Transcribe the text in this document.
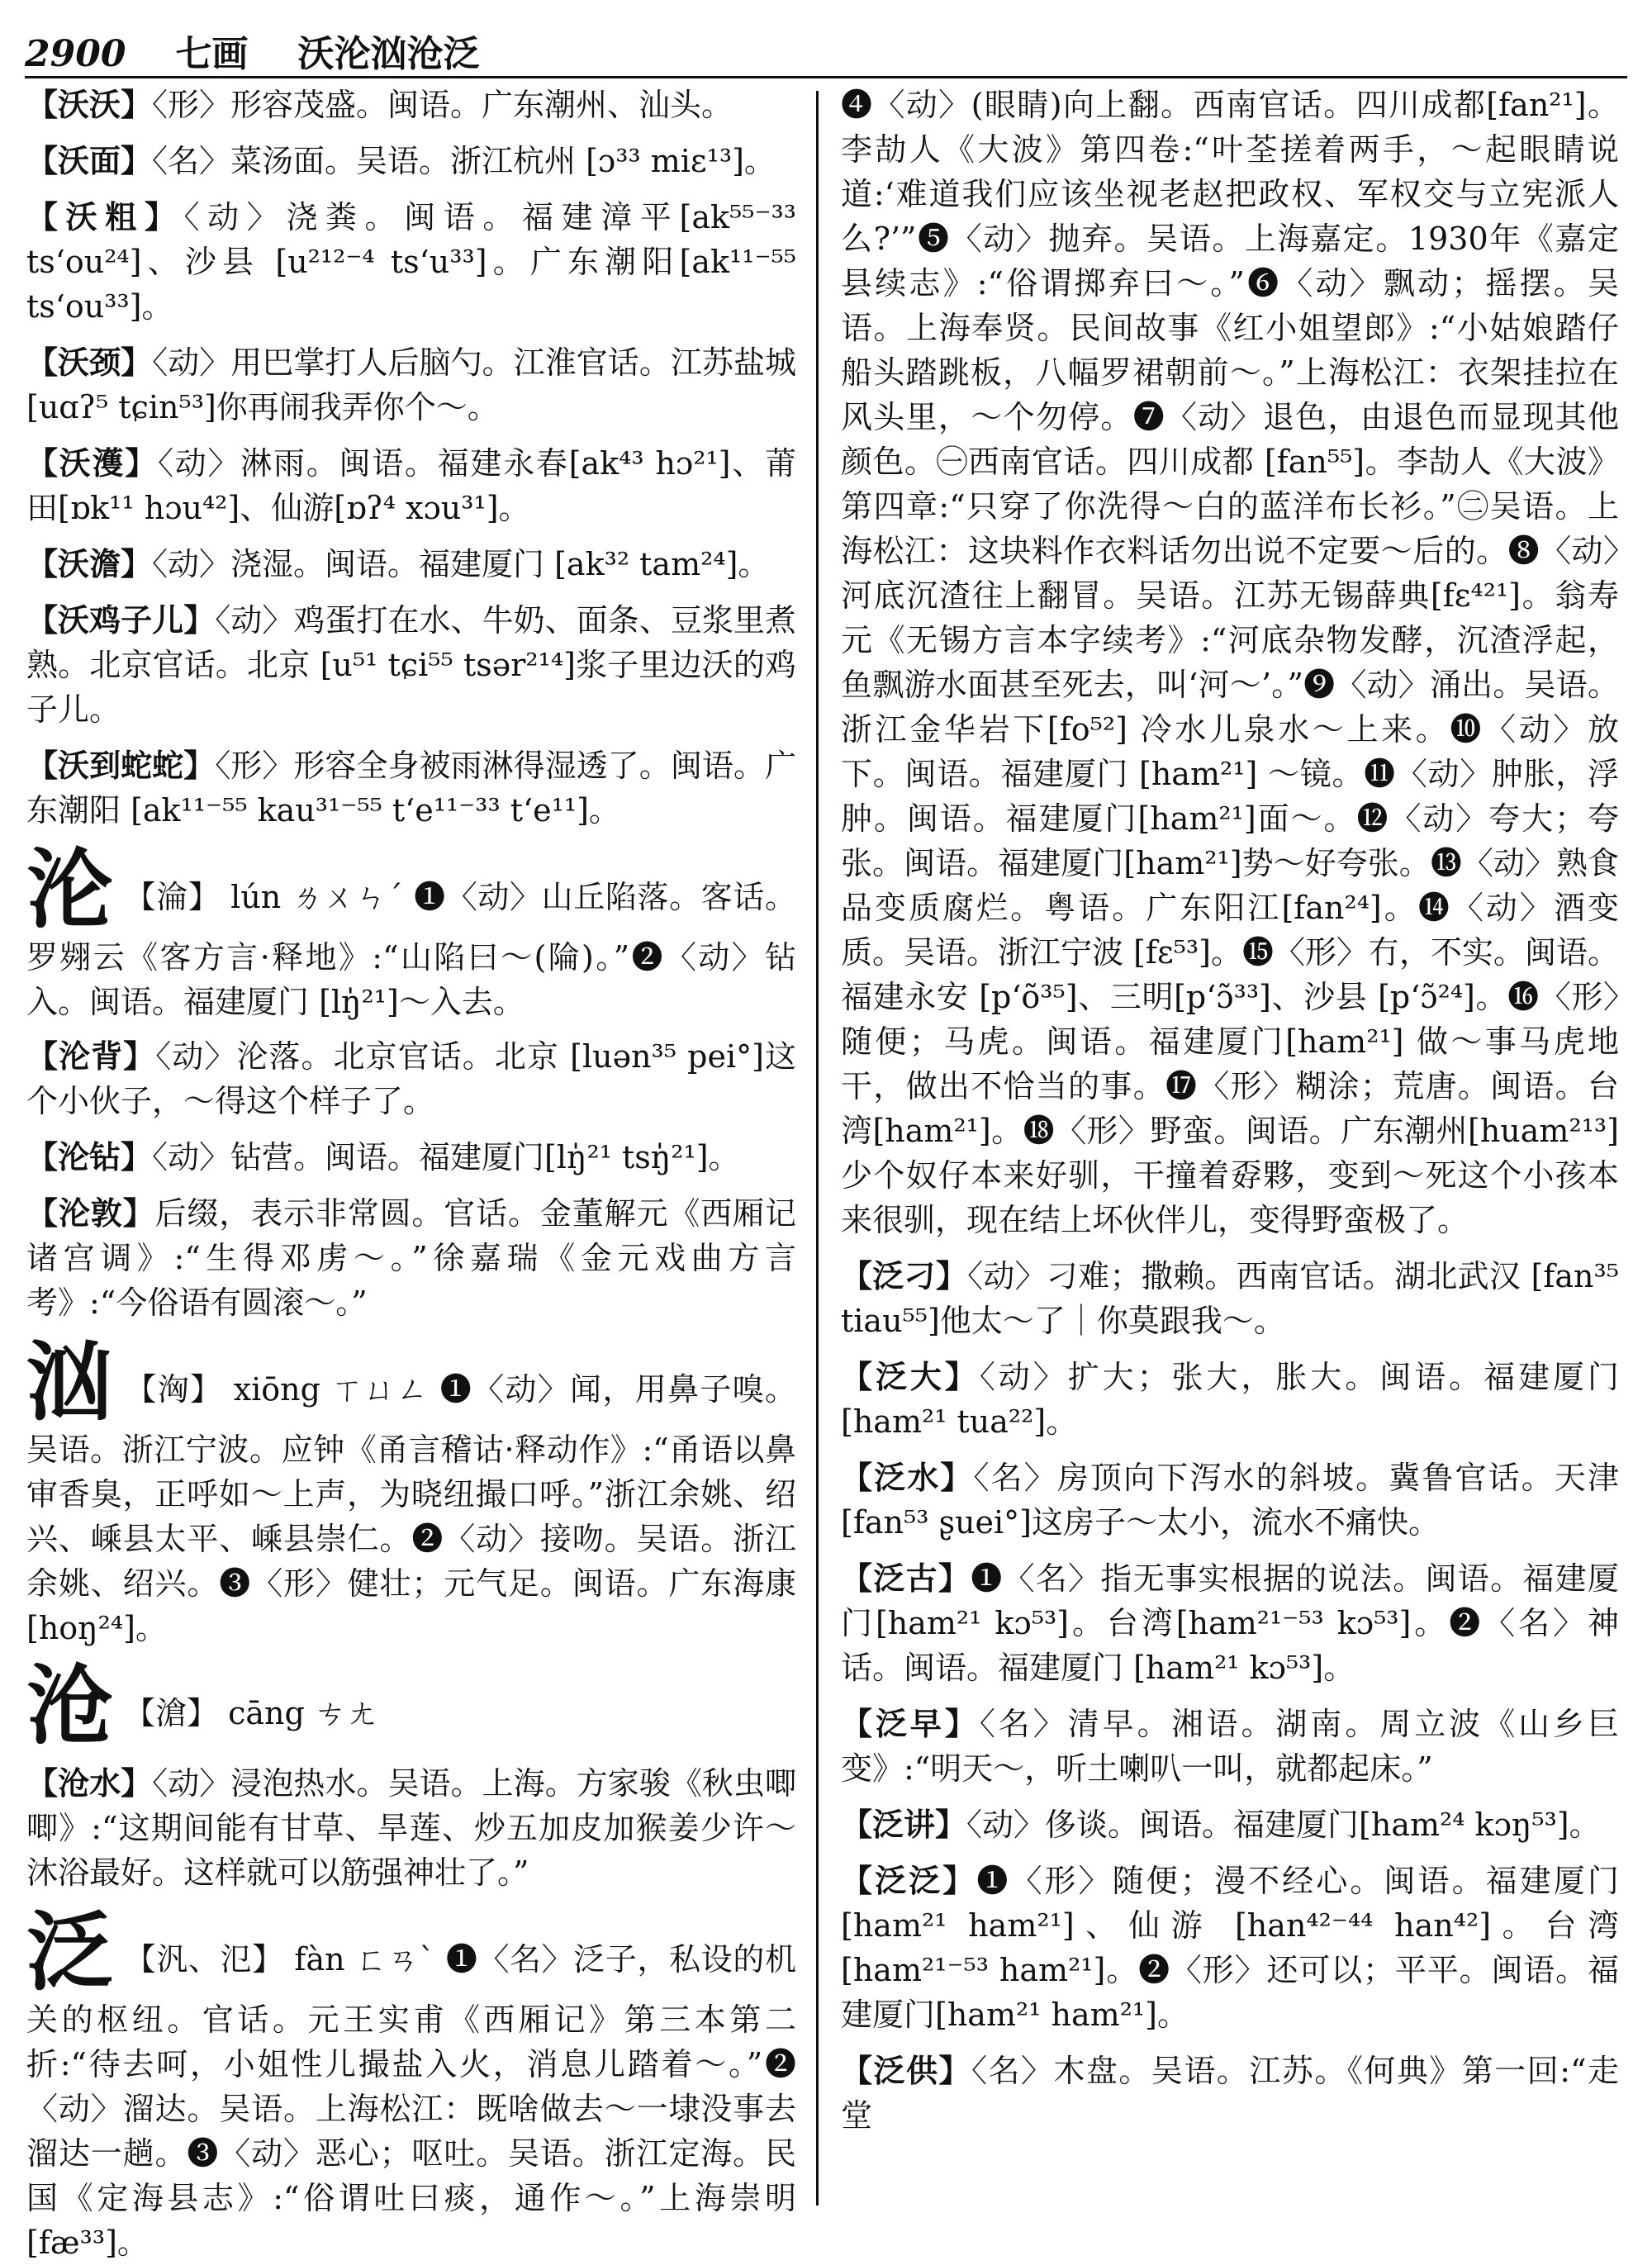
2900 七画 沃沦汹沧泛

【沃沃】〈形〉形容茂盛。闽语。广东潮州、汕头。

【沃面】〈名〉菜汤面。吴语。浙江杭州 [ɔ³³ miɛ¹³]。

【沃粗】〈动〉浇粪。闽语。福建漳平[ak⁵⁵⁻³³ tsʻou²⁴]、沙县 [u²¹²⁻⁴ tsʻu³³]。广东潮阳[ak¹¹⁻⁵⁵ tsʻou³³]。

【沃颈】〈动〉用巴掌打人后脑勺。江淮官话。江苏盐城[uɑʔ⁵ tɕin⁵³]你再闹我弄你个～。

【沃濩】〈动〉淋雨。闽语。福建永春[ak⁴³ hɔ²¹]、莆田[ɒk¹¹ hɔu⁴²]、仙游[ɒʔ⁴ xɔu³¹]。

【沃澹】〈动〉浇湿。闽语。福建厦门 [ak³² tam²⁴]。

【沃鸡子儿】〈动〉鸡蛋打在水、牛奶、面条、豆浆里煮熟。北京官话。北京 [u⁵¹ tɕi⁵⁵ tsər²¹⁴]浆子里边沃的鸡子儿。

【沃到蛇蛇】〈形〉形容全身被雨淋得湿透了。闽语。广东潮阳 [ak¹¹⁻⁵⁵ kau³¹⁻⁵⁵ tʻe¹¹⁻³³ tʻe¹¹]。

沦 【淪】 lún ㄌㄨㄣˊ ❶〈动〉山丘陷落。客话。罗翙云《客方言·释地》:“山陷曰～(陯)。”❷〈动〉钻入。闽语。福建厦门 [lŋ̍²¹]～入去。

【沦背】〈动〉沦落。北京官话。北京 [luən³⁵ pei°]这个小伙子，～得这个样子了。

【沦钻】〈动〉钻营。闽语。福建厦门[lŋ̍²¹ tsŋ̍²¹]。

【沦敦】后缀，表示非常圆。官话。金董解元《西厢记诸宫调》:“生得邓虏～。”徐嘉瑞《金元戏曲方言考》:“今俗语有圆滚～。”

汹 【洶】 xiōng ㄒㄩㄥ ❶〈动〉闻，用鼻子嗅。吴语。浙江宁波。应钟《甬言稽诂·释动作》:“甬语以鼻审香臭，正呼如～上声，为晓纽撮口呼。”浙江余姚、绍兴、嵊县太平、嵊县崇仁。❷〈动〉接吻。吴语。浙江余姚、绍兴。❸〈形〉健壮；元气足。闽语。广东海康 [hoŋ²⁴]。

沧 【滄】 cāng ㄘㄤ

【沧水】〈动〉浸泡热水。吴语。上海。方家骏《秋虫唧唧》:“这期间能有甘草、旱莲、炒五加皮加猴姜少许～沐浴最好。这样就可以筋强神壮了。”

泛 【汎、氾】 fàn ㄈㄢˋ ❶〈名〉泛子，私设的机关的枢纽。官话。元王实甫《西厢记》第三本第二折:“待去呵，小姐性儿撮盐入火，消息儿踏着～。”❷〈动〉溜达。吴语。上海松江：既啥做去～一埭没事去溜达一趟。❸〈动〉恶心；呕吐。吴语。浙江定海。民国《定海县志》:“俗谓吐曰痰，通作～。”上海崇明[fæ³³]。

❹〈动〉(眼睛)向上翻。西南官话。四川成都[fan²¹]。李劼人《大波》第四卷:“叶荃搓着两手，～起眼睛说道:‘难道我们应该坐视老赵把政权、军权交与立宪派人么?’”❺〈动〉抛弃。吴语。上海嘉定。1930年《嘉定县续志》:“俗谓掷弃曰～。”❻〈动〉飘动；摇摆。吴语。上海奉贤。民间故事《红小姐望郎》:“小姑娘踏仔船头踏跳板，八幅罗裙朝前～。”上海松江：衣架挂拉在风头里，～个勿停。❼〈动〉退色，由退色而显现其他颜色。㊀西南官话。四川成都 [fan⁵⁵]。李劼人《大波》第四章:“只穿了你洗得～白的蓝洋布长衫。”㊁吴语。上海松江：这块料作衣料话勿出说不定要～后的。❽〈动〉河底沉渣往上翻冒。吴语。江苏无锡薛典[fɛ⁴²¹]。翁寿元《无锡方言本字续考》:“河底杂物发酵，沉渣浮起，鱼飘游水面甚至死去，叫‘河～’。”❾〈动〉涌出。吴语。浙江金华岩下[fo⁵²] 冷水儿泉水～上来。❿〈动〉放下。闽语。福建厦门 [ham²¹] ～镜。⓫〈动〉肿胀，浮肿。闽语。福建厦门[ham²¹]面～。⓬〈动〉夸大；夸张。闽语。福建厦门[ham²¹]势～好夸张。⓭〈动〉熟食品变质腐烂。粤语。广东阳江[fan²⁴]。⓮〈动〉酒变质。吴语。浙江宁波 [fɛ⁵³]。⓯〈形〉冇，不实。闽语。福建永安 [pʻõ³⁵]、三明[pʻɔ̃³³]、沙县 [pʻɔ̃²⁴]。⓰〈形〉随便；马虎。闽语。福建厦门[ham²¹] 做～事马虎地干，做出不恰当的事。⓱〈形〉糊涂；荒唐。闽语。台湾[ham²¹]。⓲〈形〉野蛮。闽语。广东潮州[huam²¹³]少个奴仔本来好驯，干撞着孬夥，变到～死这个小孩本来很驯，现在结上坏伙伴儿，变得野蛮极了。

【泛刁】〈动〉刁难；撒赖。西南官话。湖北武汉 [fan³⁵ tiau⁵⁵]他太～了｜你莫跟我～。

【泛大】〈动〉扩大；张大，胀大。闽语。福建厦门[ham²¹ tua²²]。

【泛水】〈名〉房顶向下泻水的斜坡。冀鲁官话。天津[fan⁵³ ʂuei°]这房子～太小，流水不痛快。

【泛古】❶〈名〉指无事实根据的说法。闽语。福建厦门[ham²¹ kɔ⁵³]。台湾[ham²¹⁻⁵³ kɔ⁵³]。❷〈名〉神话。闽语。福建厦门 [ham²¹ kɔ⁵³]。

【泛早】〈名〉清早。湘语。湖南。周立波《山乡巨变》:“明天～，听土喇叭一叫，就都起床。”

【泛讲】〈动〉侈谈。闽语。福建厦门[ham²⁴ kɔŋ⁵³]。

【泛泛】❶〈形〉随便；漫不经心。闽语。福建厦门[ham²¹ ham²¹]、仙游 [han⁴²⁻⁴⁴ han⁴²]。台湾[ham²¹⁻⁵³ ham²¹]。❷〈形〉还可以；平平。闽语。福建厦门[ham²¹ ham²¹]。

【泛供】〈名〉木盘。吴语。江苏。《何典》第一回:“走堂
